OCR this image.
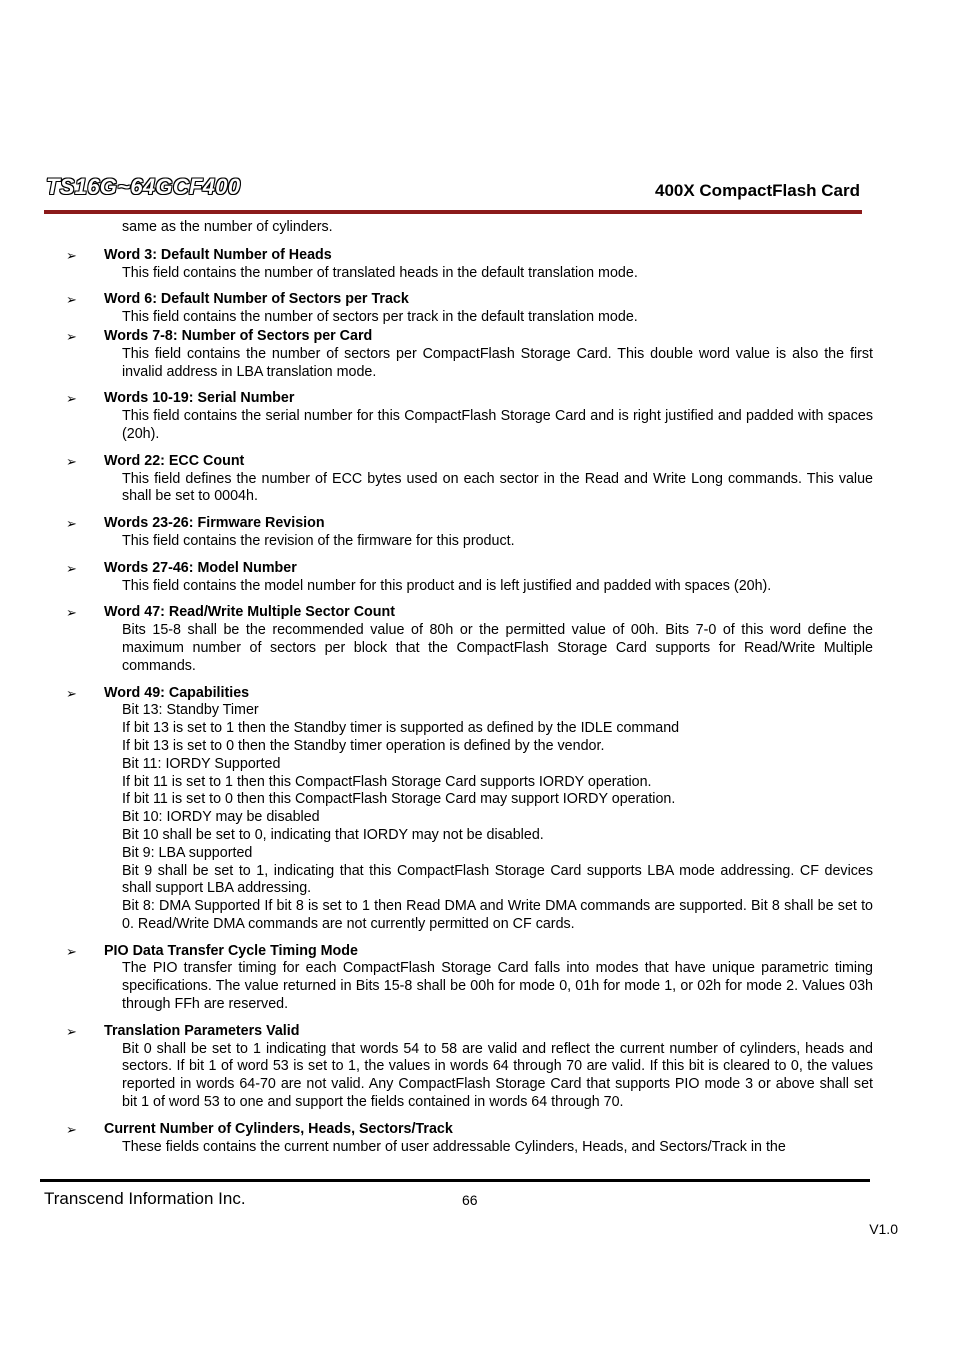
TS16G~64GCF400	400X CompactFlash Card
same as the number of cylinders.
➢ Word 3: Default Number of Heads
This field contains the number of translated heads in the default translation mode.
➢ Word 6: Default Number of Sectors per Track
This field contains the number of sectors per track in the default translation mode.
➢ Words 7-8: Number of Sectors per Card
This field contains the number of sectors per CompactFlash Storage Card. This double word value is also the first invalid address in LBA translation mode.
➢ Words 10-19: Serial Number
This field contains the serial number for this CompactFlash Storage Card and is right justified and padded with spaces (20h).
➢ Word 22: ECC Count
This field defines the number of ECC bytes used on each sector in the Read and Write Long commands. This value shall be set to 0004h.
➢ Words 23-26: Firmware Revision
This field contains the revision of the firmware for this product.
➢ Words 27-46: Model Number
This field contains the model number for this product and is left justified and padded with spaces (20h).
➢ Word 47: Read/Write Multiple Sector Count
Bits 15-8 shall be the recommended value of 80h or the permitted value of 00h. Bits 7-0 of this word define the maximum number of sectors per block that the CompactFlash Storage Card supports for Read/Write Multiple commands.
➢ Word 49: Capabilities
Bit 13: Standby Timer
If bit 13 is set to 1 then the Standby timer is supported as defined by the IDLE command
If bit 13 is set to 0 then the Standby timer operation is defined by the vendor.
Bit 11: IORDY Supported
If bit 11 is set to 1 then this CompactFlash Storage Card supports IORDY operation.
If bit 11 is set to 0 then this CompactFlash Storage Card may support IORDY operation.
Bit 10: IORDY may be disabled
Bit 10 shall be set to 0, indicating that IORDY may not be disabled.
Bit 9: LBA supported
Bit 9 shall be set to 1, indicating that this CompactFlash Storage Card supports LBA mode addressing. CF devices shall support LBA addressing.
Bit 8: DMA Supported If bit 8 is set to 1 then Read DMA and Write DMA commands are supported. Bit 8 shall be set to 0. Read/Write DMA commands are not currently permitted on CF cards.
➢ PIO Data Transfer Cycle Timing Mode
The PIO transfer timing for each CompactFlash Storage Card falls into modes that have unique parametric timing specifications. The value returned in Bits 15-8 shall be 00h for mode 0, 01h for mode 1, or 02h for mode 2. Values 03h through FFh are reserved.
➢ Translation Parameters Valid
Bit 0 shall be set to 1 indicating that words 54 to 58 are valid and reflect the current number of cylinders, heads and sectors. If bit 1 of word 53 is set to 1, the values in words 64 through 70 are valid. If this bit is cleared to 0, the values reported in words 64-70 are not valid. Any CompactFlash Storage Card that supports PIO mode 3 or above shall set bit 1 of word 53 to one and support the fields contained in words 64 through 70.
➢ Current Number of Cylinders, Heads, Sectors/Track
These fields contains the current number of user addressable Cylinders, Heads, and Sectors/Track in the
Transcend Information Inc.	66
V1.0
